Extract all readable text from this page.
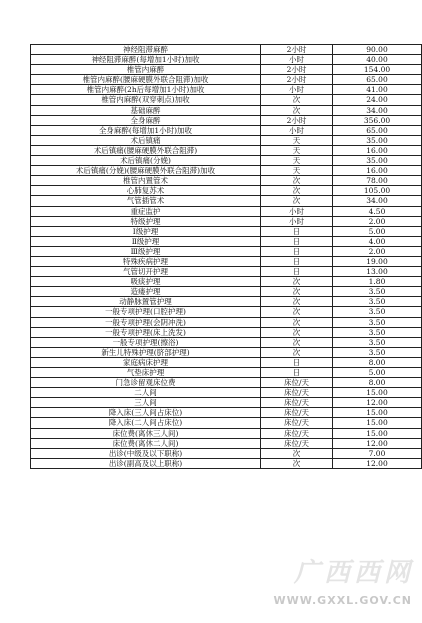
神经阻滞麻醉	2小时	90.00
神经阻滞麻醉(每增加1小时)加收	小时	40.00
椎管内麻醉	2小时	154.00
椎管内麻醉(腰麻硬膜外联合阻滞)加收	2小时	65.00
椎管内麻醉(2h后每增加1小时)加收	小时	41.00
椎管内麻醉(双穿刺点)加收	次	24.00
基础麻醉	次	34.00
全身麻醉	2小时	356.00
全身麻醉(每增加1小时)加收	小时	65.00
术后镇痛	天	35.00
术后镇痛(腰麻硬膜外联合阻滞)	天	16.00
术后镇痛(分娩)	天	35.00
术后镇痛(分娩)(腰麻硬膜外联合阻滞)加收	天	16.00
椎管内置管术	次	78.00
心肺复苏术	次	105.00
气管插管术	次	34.00
重症监护	小时	4.50
特级护理	小时	2.00
Ⅰ级护理	日	5.00
Ⅱ级护理	日	4.00
Ⅲ级护理	日	2.00
特殊疾病护理	日	19.00
气管切开护理	日	13.00
吸痰护理	次	1.80
造瘘护理	次	3.50
动静脉置管护理	次	3.50
一般专项护理(口腔护理)	次	3.50
一般专项护理(会阴冲洗)	次	3.50
一般专项护理(床上洗发)	次	3.50
一般专项护理(擦浴)	次	3.50
新生儿特殊护理(脐部护理)	次	3.50
家庭病床护理	日	8.00
气垫床护理	日	5.00
门急诊留观床位费	床位/天	8.00
二人间	床位/天	15.00
三人间	床位/天	12.00
降入床(三人间占床位)	床位/天	15.00
降入床(二人间占床位)	床位/天	15.00
床位费(离休三人间)	床位/天	15.00
床位费(离休二人间)	床位/天	12.00
出诊(中级及以下职称)	次	7.00
出诊(副高及以上职称)	次	12.00
广西西网
WWW.GXXL.GOV.CN
